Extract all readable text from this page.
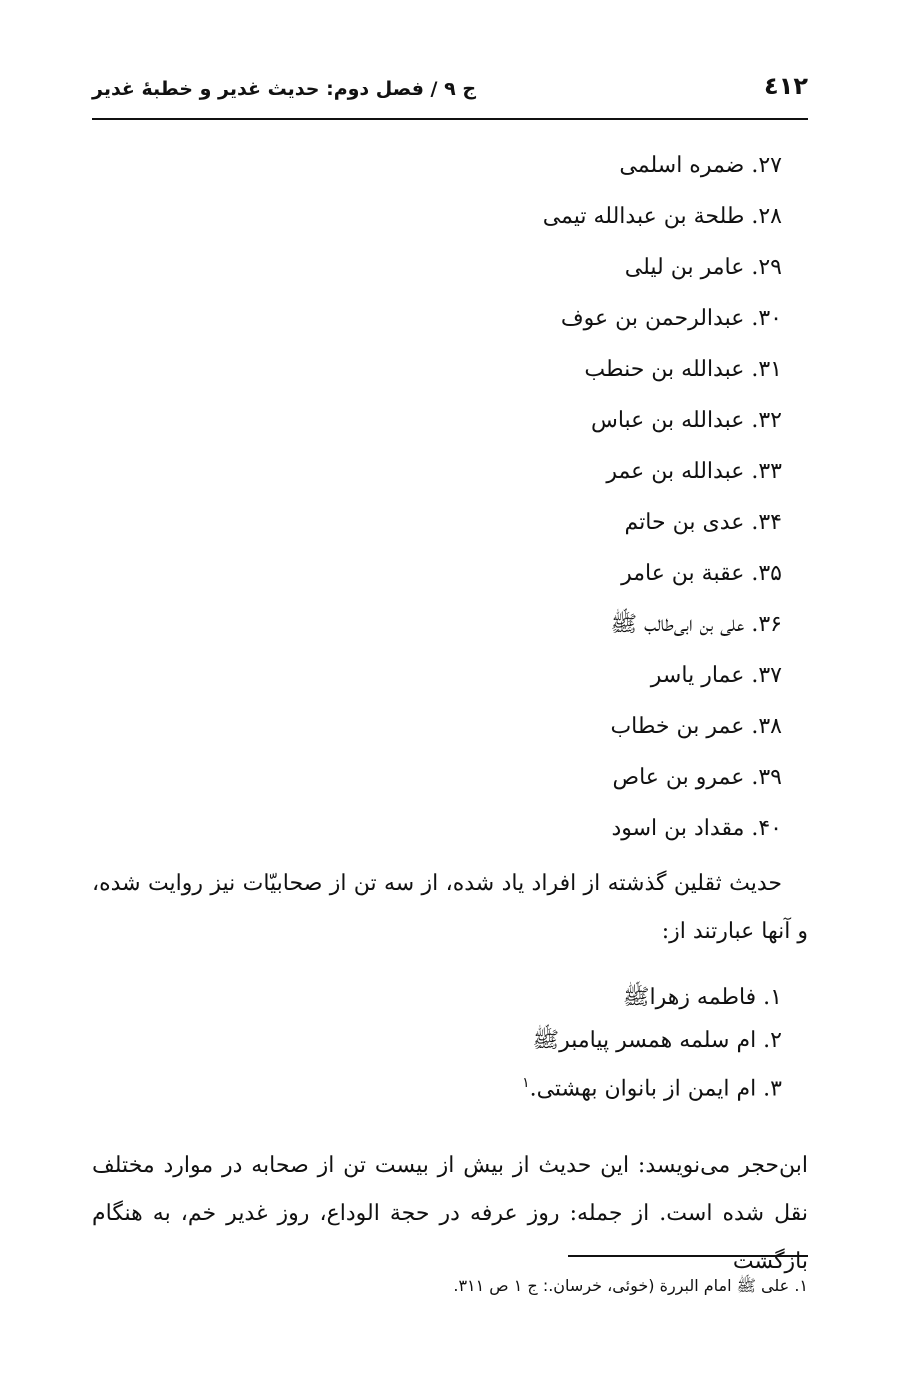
٤١٢
ج ۹ / فصل دوم: حدیث غدیر و خطبۀ غدیر
۲۷. ضمره اسلمی
۲۸. طلحة بن عبدالله تیمی
۲۹. عامر بن لیلی
۳۰. عبدالرحمن بن عوف
۳۱. عبدالله بن حنطب
۳۲. عبدالله بن عباس
۳۳. عبدالله بن عمر
۳۴. عدی بن حاتم
۳۵. عقبة بن عامر
۳۶. علی بن ابی‌طالب ﷺ
۳۷. عمار یاسر
۳۸. عمر بن خطاب
۳۹. عمرو بن عاص
۴۰. مقداد بن اسود
حدیث ثقلین گذشته از افراد یاد شده، از سه تن از صحابیّات نیز روایت شده، و آنها عبارتند از:
۱. فاطمه زهراﷺ
۲. ام سلمه همسر پیامبرﷺ
۳. ام ایمن از بانوان بهشتی.$^۱$
ابن‌حجر می‌نویسد: این حدیث از بیش از بیست تن از صحابه در موارد مختلف نقل شده است. از جمله: روز عرفه در حجة الوداع، روز غدیر خم، به هنگام بازگشت
۱. علی ﷺ امام البررة (خوئی، خرسان.: ج ۱ ص ۳۱۱.
